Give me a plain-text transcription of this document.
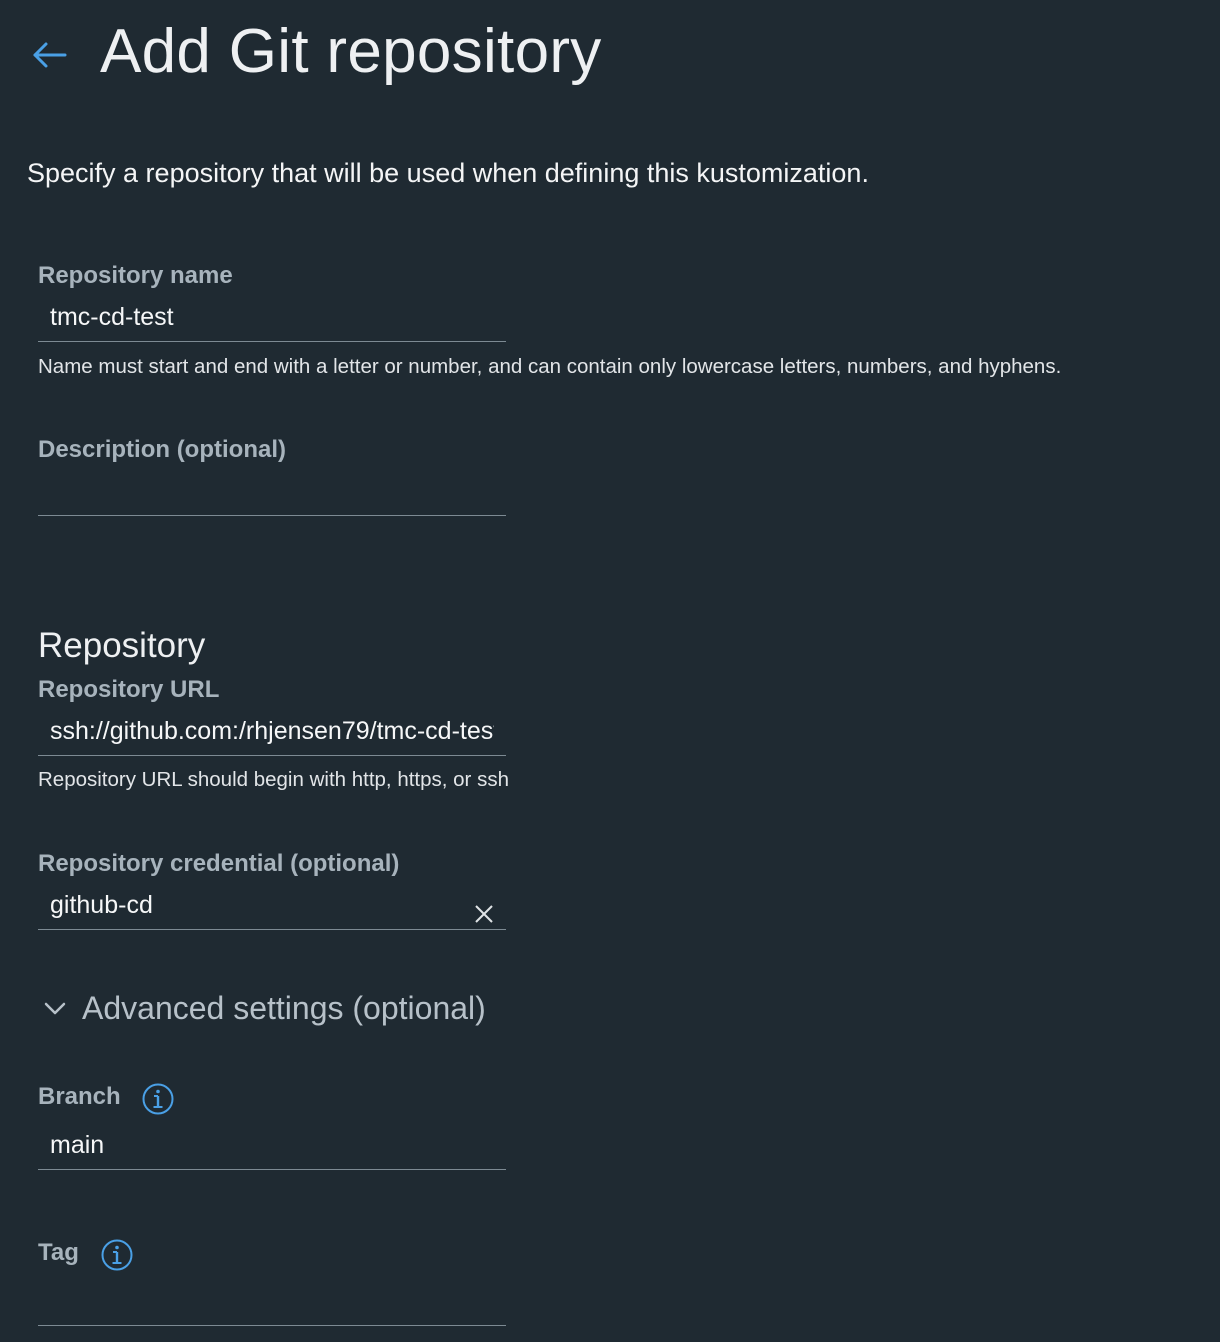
Add Git repository
Specify a repository that will be used when defining this kustomization.
Repository name
tmc-cd-test
Name must start and end with a letter or number, and can contain only lowercase letters, numbers, and hyphens.
Description (optional)
Repository
Repository URL
ssh://github.com:/rhjensen79/tmc-cd-test
Repository URL should begin with http, https, or ssh
Repository credential (optional)
github-cd
Advanced settings (optional)
Branch
main
Tag
